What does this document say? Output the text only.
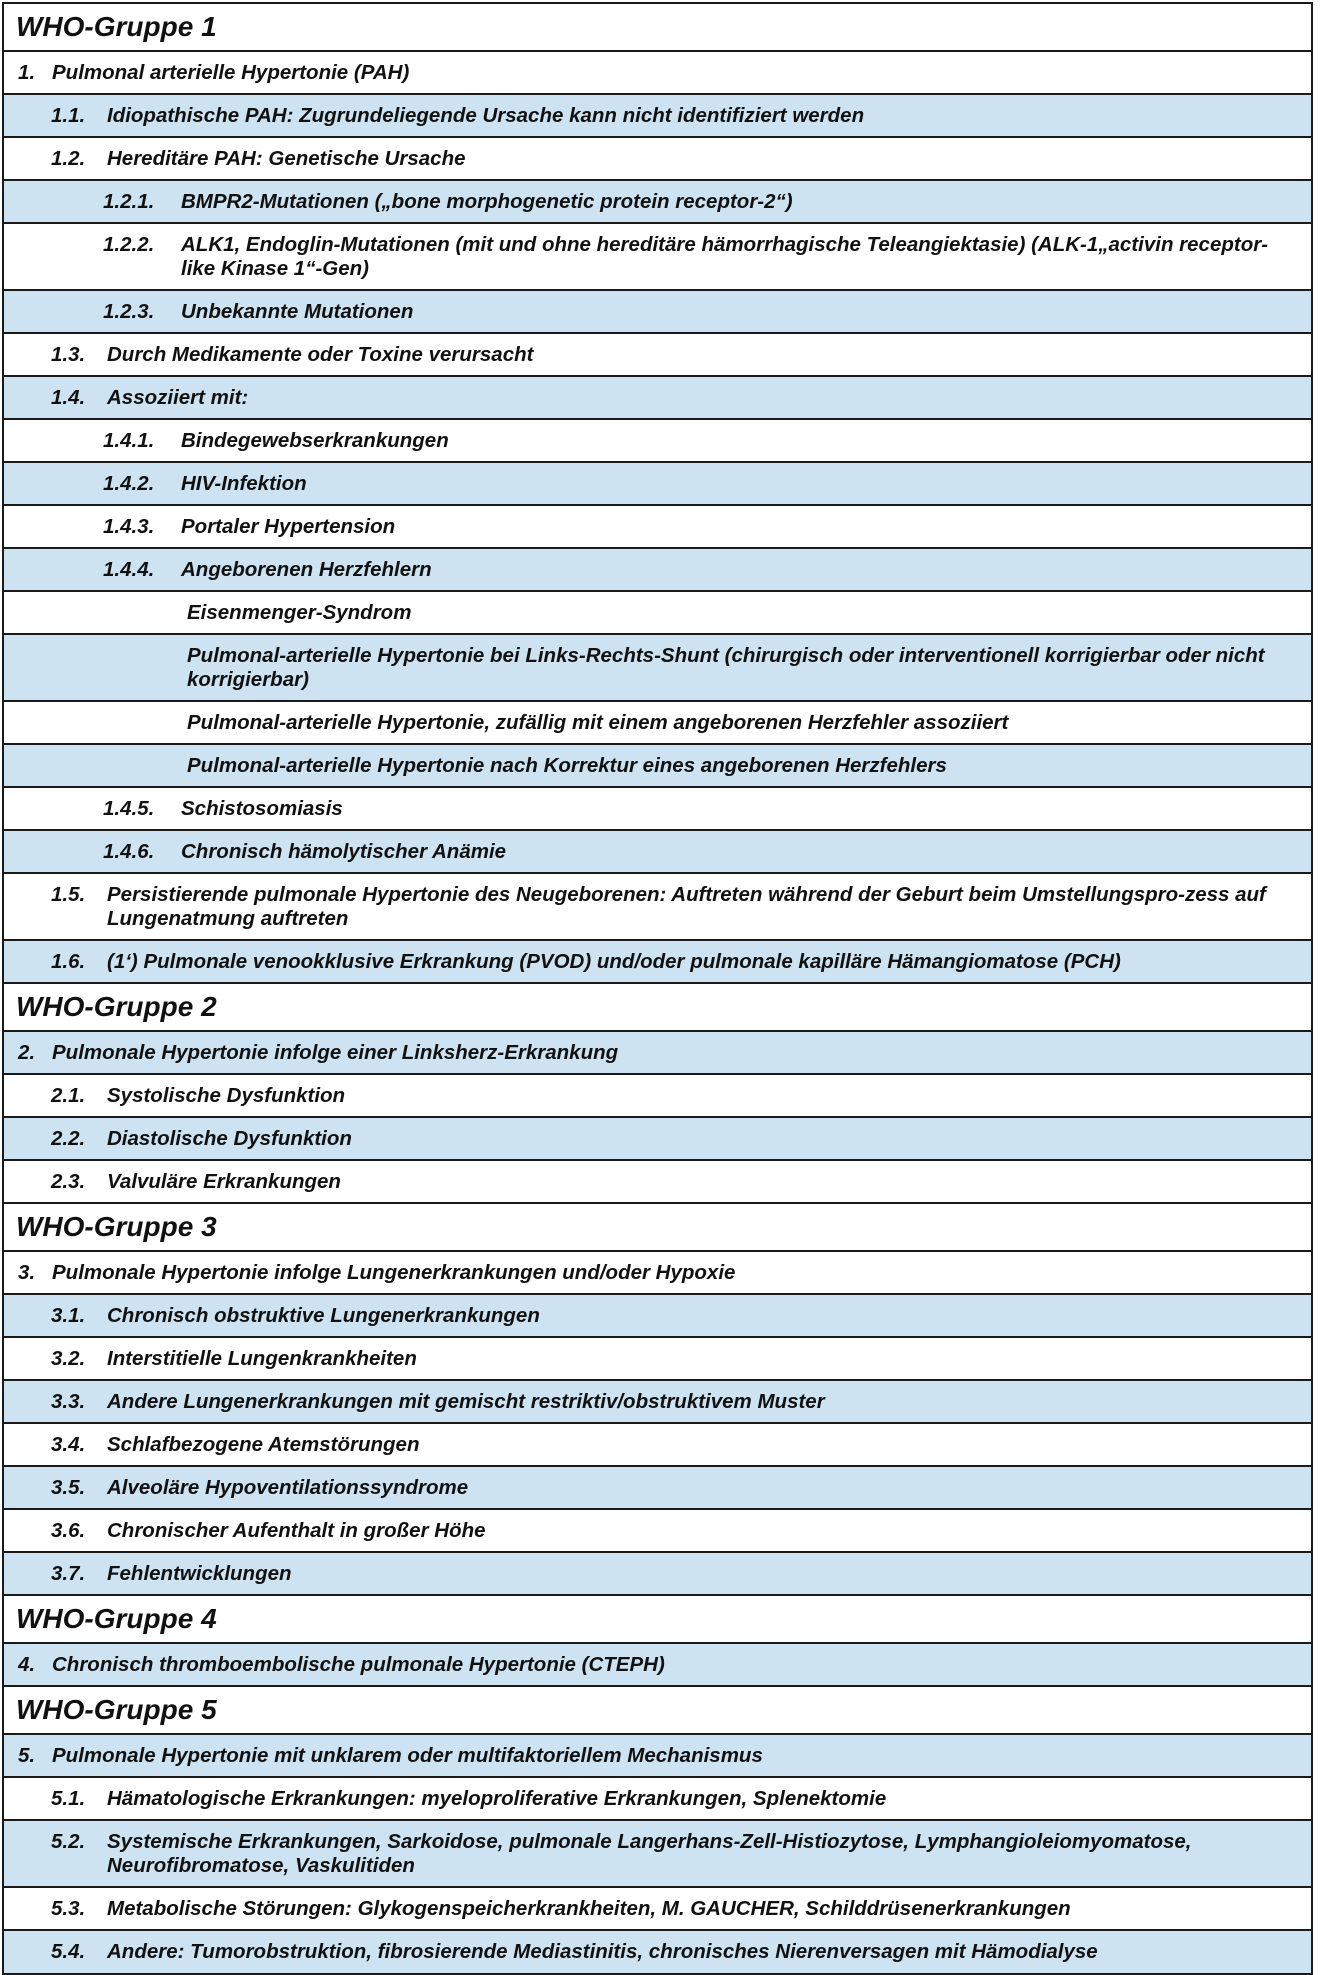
WHO-Gruppe 1
1. Pulmonal arterielle Hypertonie (PAH)
1.1.	Idiopathische PAH: Zugrundeliegende Ursache kann nicht identifiziert werden
1.2.	Hereditäre PAH: Genetische Ursache
1.2.1.	BMPR2-Mutationen („bone morphogenetic protein receptor-2“)
1.2.2.	ALK1, Endoglin-Mutationen (mit und ohne hereditäre hämorrhagische Teleangiektasie) (ALK-1„activin receptor-like Kinase 1“-Gen)
1.2.3.	Unbekannte Mutationen
1.3.	Durch Medikamente oder Toxine verursacht
1.4.	Assoziiert mit:
1.4.1.	Bindegewebserkrankungen
1.4.2.	HIV-Infektion
1.4.3.	Portaler Hypertension
1.4.4.	Angeborenen Herzfehlern
Eisenmenger-Syndrom
Pulmonal-arterielle Hypertonie bei Links-Rechts-Shunt (chirurgisch oder interventionell korrigierbar oder nicht korrigierbar)
Pulmonal-arterielle Hypertonie, zufällig mit einem angeborenen Herzfehler assoziiert
Pulmonal-arterielle Hypertonie nach Korrektur eines angeborenen Herzfehlers
1.4.5.	Schistosomiasis
1.4.6.	Chronisch hämolytischer Anämie
1.5.	Persistierende pulmonale Hypertonie des Neugeborenen: Auftreten während der Geburt beim Umstellungspro-zess auf Lungenatmung auftreten
1.6.	(1‘) Pulmonale venookklusive Erkrankung (PVOD) und/oder pulmonale kapilläre Hämangiomatose (PCH)
WHO-Gruppe 2
2. Pulmonale Hypertonie infolge einer Linksherz-Erkrankung
2.1.	Systolische Dysfunktion
2.2.	Diastolische Dysfunktion
2.3.	Valvuläre Erkrankungen
WHO-Gruppe 3
3. Pulmonale Hypertonie infolge Lungenerkrankungen und/oder Hypoxie
3.1.	Chronisch obstruktive Lungenerkrankungen
3.2.	Interstitielle Lungenkrankheiten
3.3.	Andere Lungenerkrankungen mit gemischt restriktiv/obstruktivem Muster
3.4.	Schlafbezogene Atemstörungen
3.5.	Alveoläre Hypoventilationssyndrome
3.6.	Chronischer Aufenthalt in großer Höhe
3.7.	Fehlentwicklungen
WHO-Gruppe 4
4. Chronisch thromboembolische pulmonale Hypertonie (CTEPH)
WHO-Gruppe 5
5. Pulmonale Hypertonie mit unklarem oder multifaktoriellem Mechanismus
5.1.	Hämatologische Erkrankungen: myeloproliferative Erkrankungen, Splenektomie
5.2.	Systemische Erkrankungen, Sarkoidose, pulmonale Langerhans-Zell-Histiozytose, Lymphangioleiomyomatose, Neurofibromatose, Vaskulitiden
5.3.	Metabolische Störungen: Glykogenspeicherkrankheiten, M. GAUCHER, Schilddrüsenerkrankungen
5.4.	Andere: Tumorobstruktion, fibrosierende Mediastinitis, chronisches Nierenversagen mit Hämodialyse
